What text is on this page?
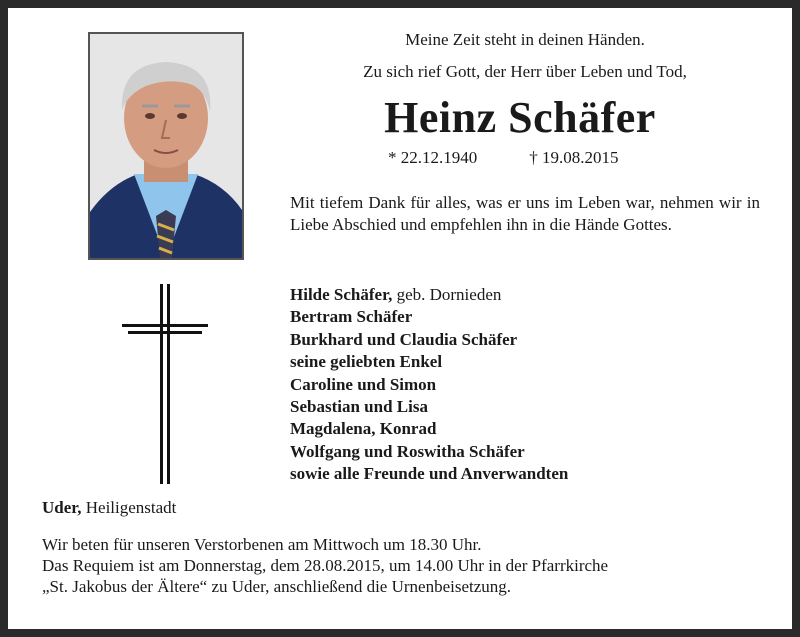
Meine Zeit steht in deinen Händen.

Zu sich rief Gott, der Herr über Leben und Tod,

Heinz Schäfer

* 22.12.1940	† 19.08.2015

Mit tiefem Dank für alles, was er uns im Leben war, nehmen wir in Liebe Abschied und empfehlen ihn in die Hände Gottes.
Hilde Schäfer, geb. Dornieden
Bertram Schäfer
Burkhard und Claudia Schäfer
seine geliebten Enkel
Caroline und Simon
Sebastian und Lisa
Magdalena, Konrad
Wolfgang und Roswitha Schäfer
sowie alle Freunde und Anverwandten
Uder, Heiligenstadt
Wir beten für unseren Verstorbenen am Mittwoch um 18.30 Uhr.
Das Requiem ist am Donnerstag, dem 28.08.2015, um 14.00 Uhr in der Pfarrkirche
„St. Jakobus der Ältere“ zu Uder, anschließend die Urnenbeisetzung.
